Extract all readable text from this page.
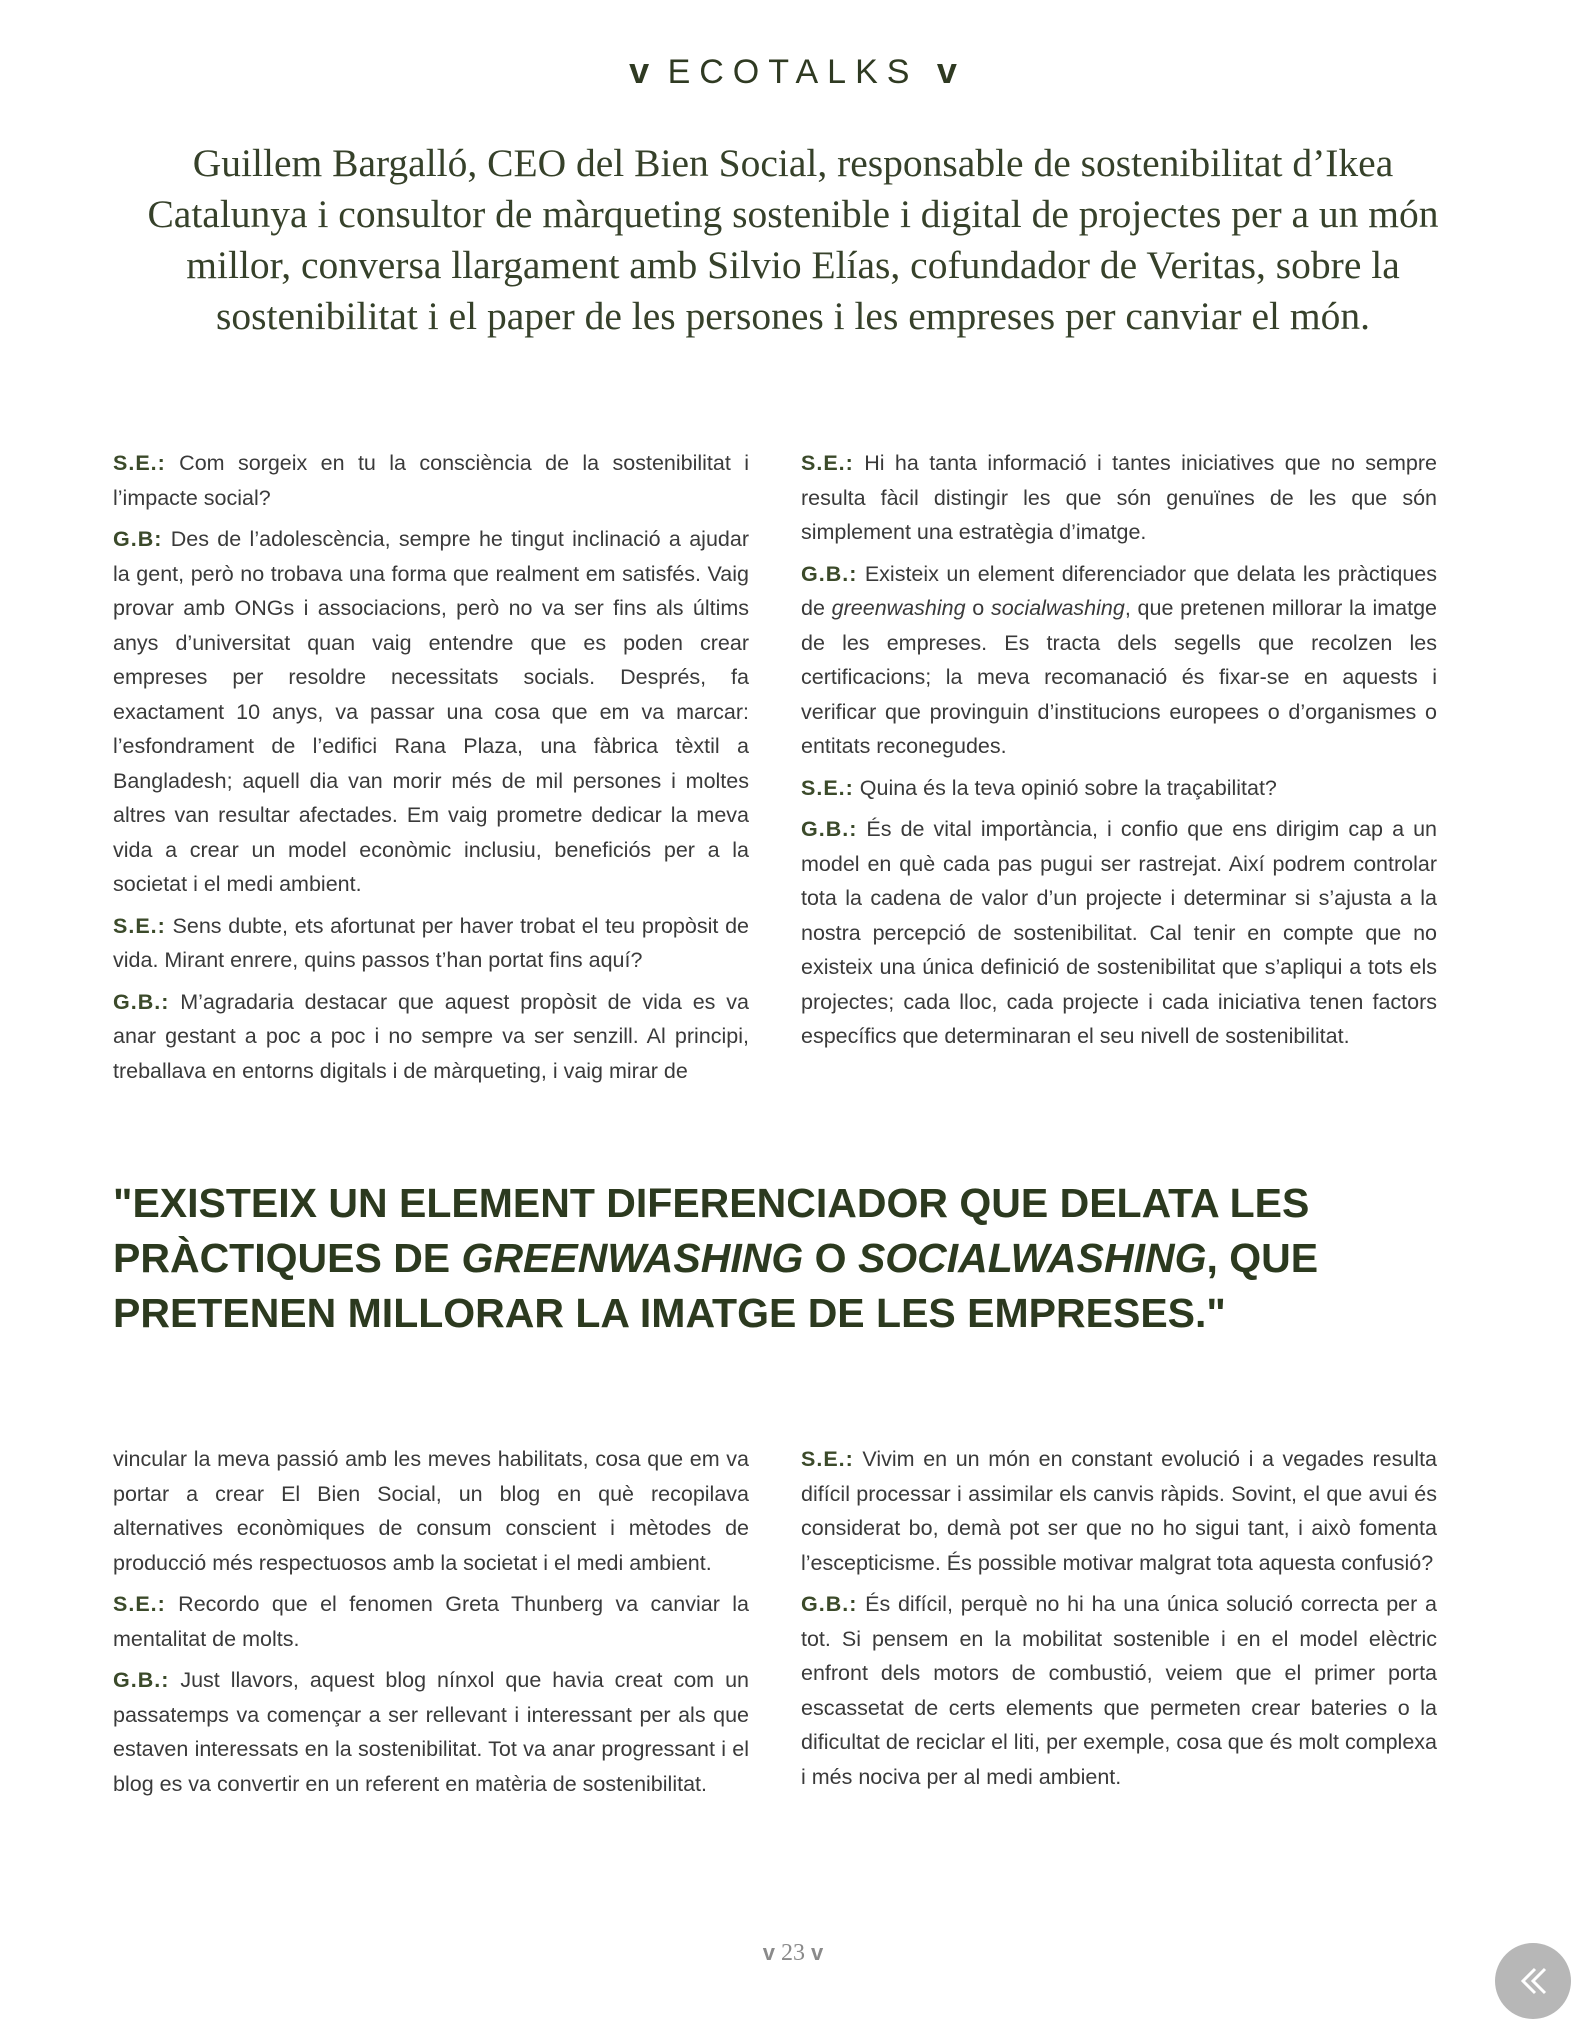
v ECOTALKS v
Guillem Bargalló, CEO del Bien Social, responsable de sostenibilitat d’Ikea Catalunya i consultor de màrqueting sostenible i digital de projectes per a un món millor, conversa llargament amb Silvio Elías, cofundador de Veritas, sobre la sostenibilitat i el paper de les persones i les empreses per canviar el món.

S.E.: Com sorgeix en tu la consciència de la sostenibilitat i l’impacte social?

G.B: Des de l’adolescència, sempre he tingut inclinació a ajudar la gent, però no trobava una forma que realment em satisfés. Vaig provar amb ONGs i associacions, però no va ser fins als últims anys d’universitat quan vaig entendre que es poden crear empreses per resoldre necessitats socials. Després, fa exactament 10 anys, va passar una cosa que em va marcar: l’esfondrament de l’edifici Rana Plaza, una fàbrica tèxtil a Bangladesh; aquell dia van morir més de mil persones i moltes altres van resultar afectades. Em vaig prometre dedicar la meva vida a crear un model econòmic inclusiu, beneficiós per a la societat i el medi ambient.

S.E.: Sens dubte, ets afortunat per haver trobat el teu propòsit de vida. Mirant enrere, quins passos t’han portat fins aquí?

G.B.: M’agradaria destacar que aquest propòsit de vida es va anar gestant a poc a poc i no sempre va ser senzill. Al principi, treballava en entorns digitals i de màrqueting, i vaig mirar de

S.E.: Hi ha tanta informació i tantes iniciatives que no sempre resulta fàcil distingir les que són genuïnes de les que són simplement una estratègia d’imatge.

G.B.: Existeix un element diferenciador que delata les pràctiques de greenwashing o socialwashing, que pretenen millorar la imatge de les empreses. Es tracta dels segells que recolzen les certificacions; la meva recomanació és fixar-se en aquests i verificar que provinguin d’institucions europees o d’organismes o entitats reconegudes.

S.E.: Quina és la teva opinió sobre la traçabilitat?

G.B.: És de vital importància, i confio que ens dirigim cap a un model en què cada pas pugui ser rastrejat. Així podrem controlar tota la cadena de valor d’un projecte i determinar si s’ajusta a la nostra percepció de sostenibilitat. Cal tenir en compte que no existeix una única definició de sostenibilitat que s’apliqui a tots els projectes; cada lloc, cada projecte i cada iniciativa tenen factors específics que determinaran el seu nivell de sostenibilitat.

"EXISTEIX UN ELEMENT DIFERENCIADOR QUE DELATA LES PRÀCTIQUES DE GREENWASHING O SOCIALWASHING, QUE PRETENEN MILLORAR LA IMATGE DE LES EMPRESES."

vincular la meva passió amb les meves habilitats, cosa que em va portar a crear El Bien Social, un blog en què recopilava alternatives econòmiques de consum conscient i mètodes de producció més respectuosos amb la societat i el medi ambient.

S.E.: Recordo que el fenomen Greta Thunberg va canviar la mentalitat de molts.

G.B.: Just llavors, aquest blog nínxol que havia creat com un passatemps va començar a ser rellevant i interessant per als que estaven interessats en la sostenibilitat. Tot va anar progressant i el blog es va convertir en un referent en matèria de sostenibilitat.

S.E.: Vivim en un món en constant evolució i a vegades resulta difícil processar i assimilar els canvis ràpids. Sovint, el que avui és considerat bo, demà pot ser que no ho sigui tant, i això fomenta l’escepticisme. És possible motivar malgrat tota aquesta confusió?

G.B.: És difícil, perquè no hi ha una única solució correcta per a tot. Si pensem en la mobilitat sostenible i en el model elèctric enfront dels motors de combustió, veiem que el primer porta escassetat de certs elements que permeten crear bateries o la dificultat de reciclar el liti, per exemple, cosa que és molt complexa i més nociva per al medi ambient.

v 23 v
